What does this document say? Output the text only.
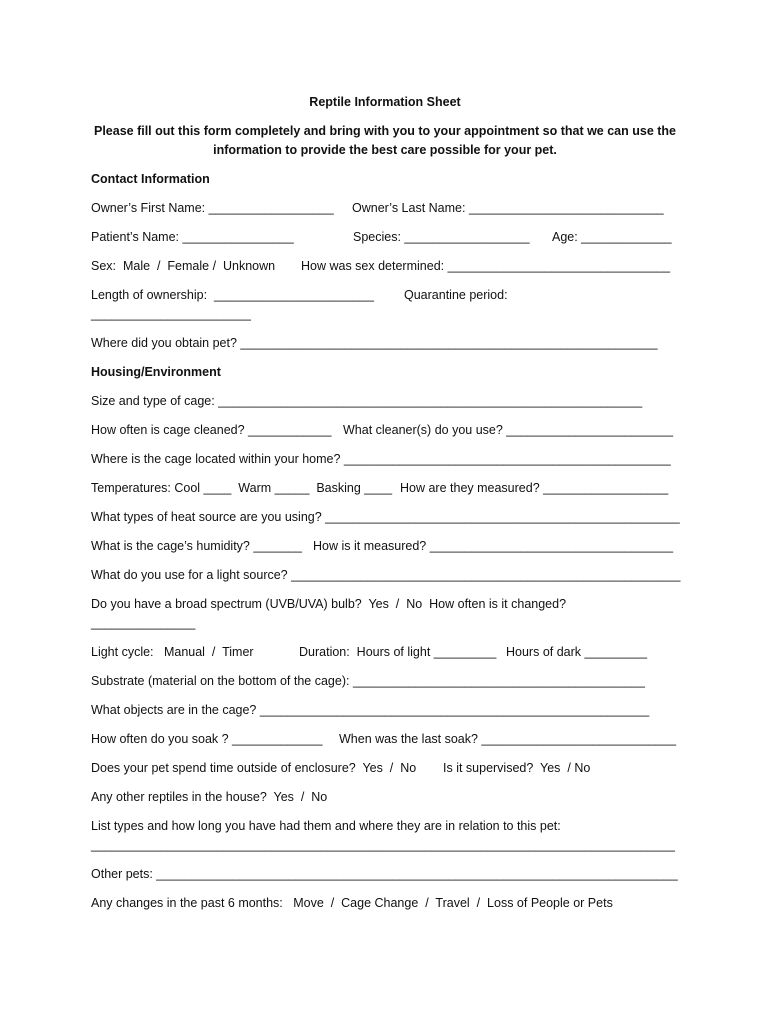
Reptile Information Sheet
Please fill out this form completely and bring with you to your appointment so that we can use the
information to provide the best care possible for your pet.
Contact Information
Owner’s First Name: __________________ Owner’s Last Name: ____________________________
Patient’s Name: ________________	Species: __________________ Age: _____________
Sex:  Male  /  Female /  Unknown How was sex determined: ________________________________
Length of ownership:  _______________________ Quarantine period:
_______________________
Where did you obtain pet? ____________________________________________________________
Housing/Environment
Size and type of cage: _____________________________________________________________
How often is cage cleaned? ____________ What cleaner(s) do you use? ________________________
Where is the cage located within your home? _______________________________________________
Temperatures: Cool ____  Warm _____  Basking ____ How are they measured? __________________
What types of heat source are you using? ___________________________________________________
What is the cage’s humidity? _______ How is it measured? ___________________________________
What do you use for a light source? ________________________________________________________
Do you have a broad spectrum (UVB/UVA) bulb?  Yes  /  No  How often is it changed?
_______________
Light cycle:   Manual  /  Timer	Duration:  Hours of light _________ Hours of dark _________
Substrate (material on the bottom of the cage): __________________________________________
What objects are in the cage? ________________________________________________________
How often do you soak ? _____________ When was the last soak? ____________________________
Does your pet spend time outside of enclosure?  Yes  /  No Is it supervised?  Yes  / No
Any other reptiles in the house?  Yes  /  No
List types and how long you have had them and where they are in relation to this pet:
____________________________________________________________________________________
Other pets: ___________________________________________________________________________
Any changes in the past 6 months:   Move  /  Cage Change  /  Travel  /  Loss of People or Pets
